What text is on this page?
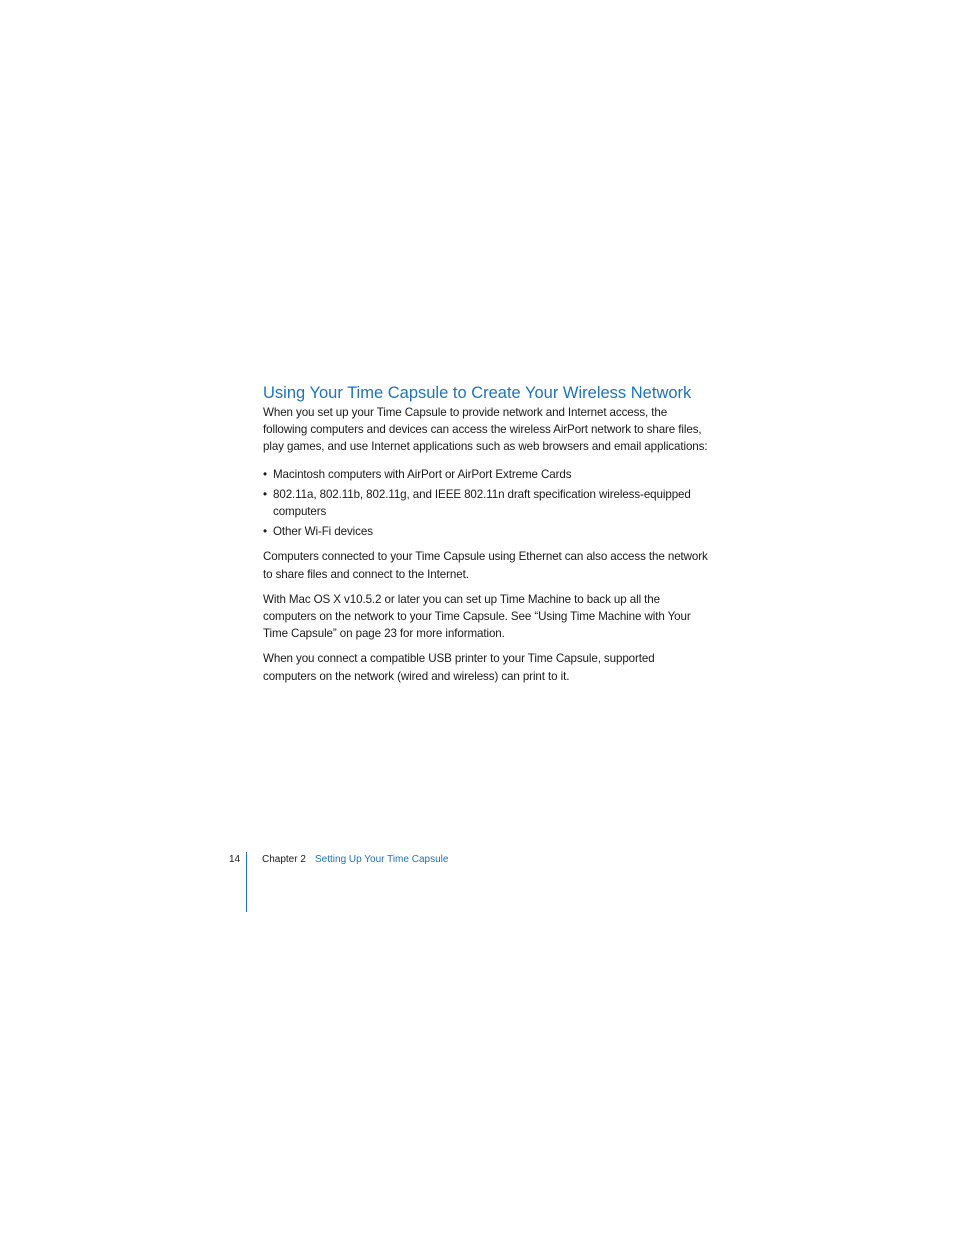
Using Your Time Capsule to Create Your Wireless Network

When you set up your Time Capsule to provide network and Internet access, the following computers and devices can access the wireless AirPort network to share files, play games, and use Internet applications such as web browsers and email applications:

• Macintosh computers with AirPort or AirPort Extreme Cards
• 802.11a, 802.11b, 802.11g, and IEEE 802.11n draft specification wireless-equipped computers
• Other Wi-Fi devices

Computers connected to your Time Capsule using Ethernet can also access the network to share files and connect to the Internet.

With Mac OS X v10.5.2 or later you can set up Time Machine to back up all the computers on the network to your Time Capsule. See “Using Time Machine with Your Time Capsule” on page 23 for more information.

When you connect a compatible USB printer to your Time Capsule, supported computers on the network (wired and wireless) can print to it.

14 Chapter 2 Setting Up Your Time Capsule
